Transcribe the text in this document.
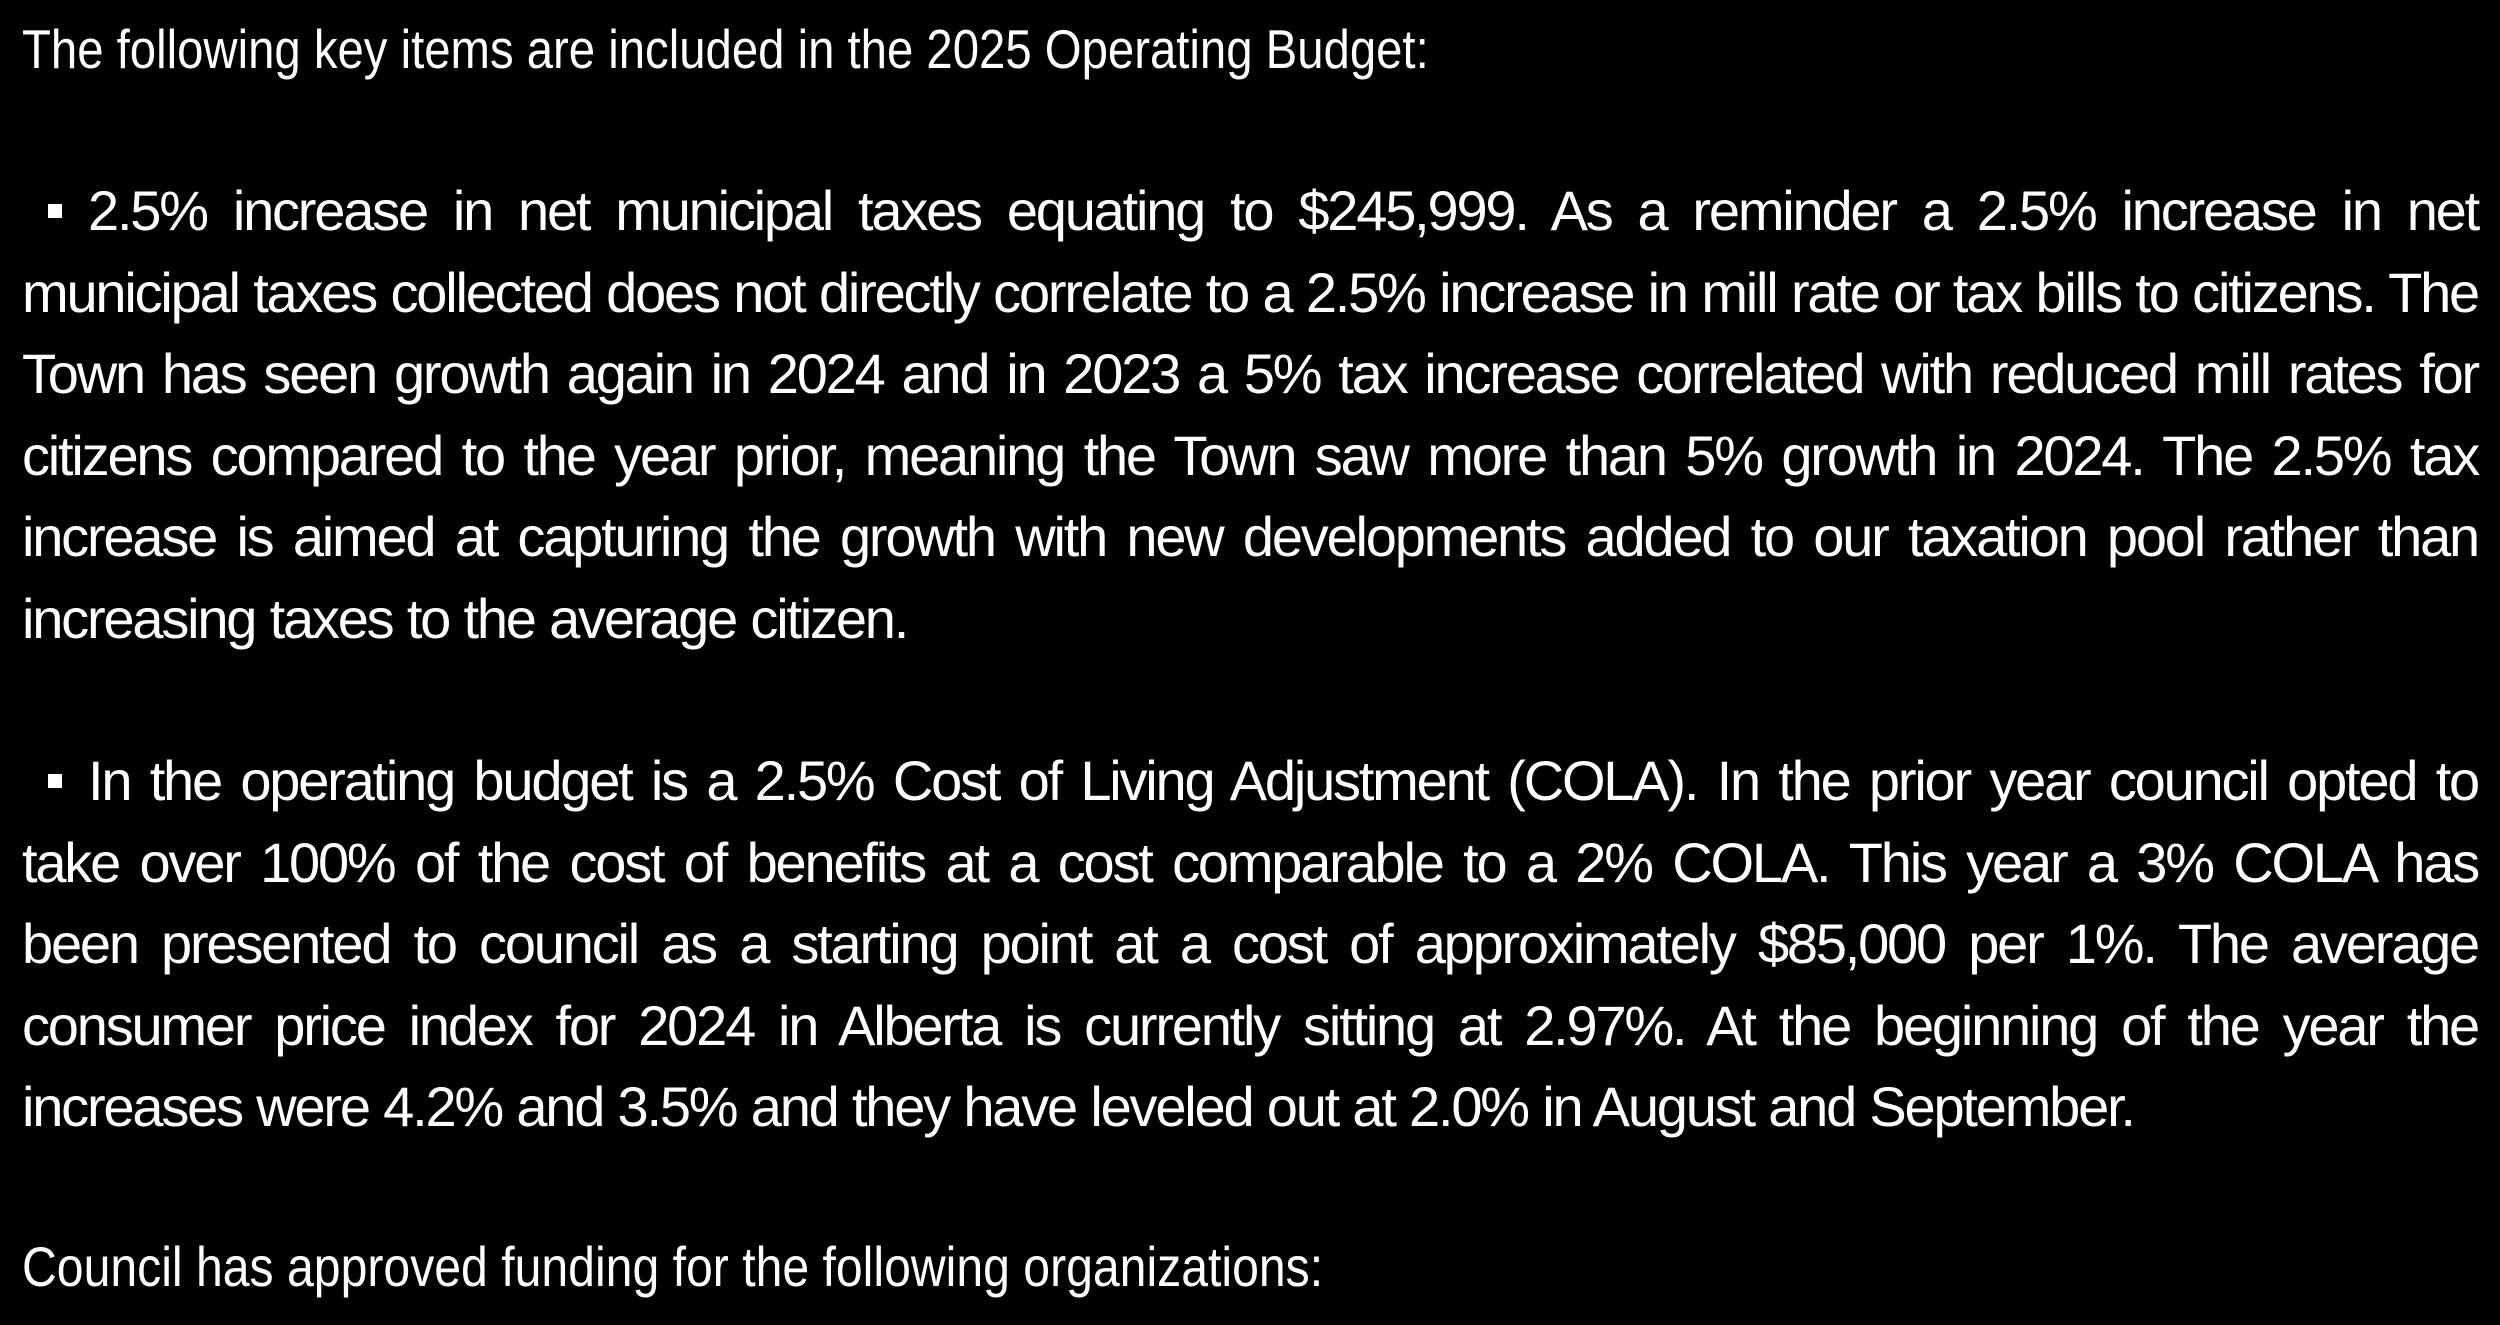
The following key items are included in the 2025 Operating Budget:
2.5% increase in net municipal taxes equating to $245,999. As a reminder a 2.5% increase in net municipal taxes collected does not directly correlate to a 2.5% increase in mill rate or tax bills to citizens. The Town has seen growth again in 2024 and in 2023 a 5% tax increase correlated with reduced mill rates for citizens compared to the year prior, meaning the Town saw more than 5% growth in 2024. The 2.5% tax increase is aimed at capturing the growth with new developments added to our taxation pool rather than increasing taxes to the average citizen.
In the operating budget is a 2.5% Cost of Living Adjustment (COLA). In the prior year council opted to take over 100% of the cost of benefits at a cost comparable to a 2% COLA. This year a 3% COLA has been presented to council as a starting point at a cost of approximately $85,000 per 1%. The average consumer price index for 2024 in Alberta is currently sitting at 2.97%. At the beginning of the year the increases were 4.2% and 3.5% and they have leveled out at 2.0% in August and September.
Council has approved funding for the following organizations:
